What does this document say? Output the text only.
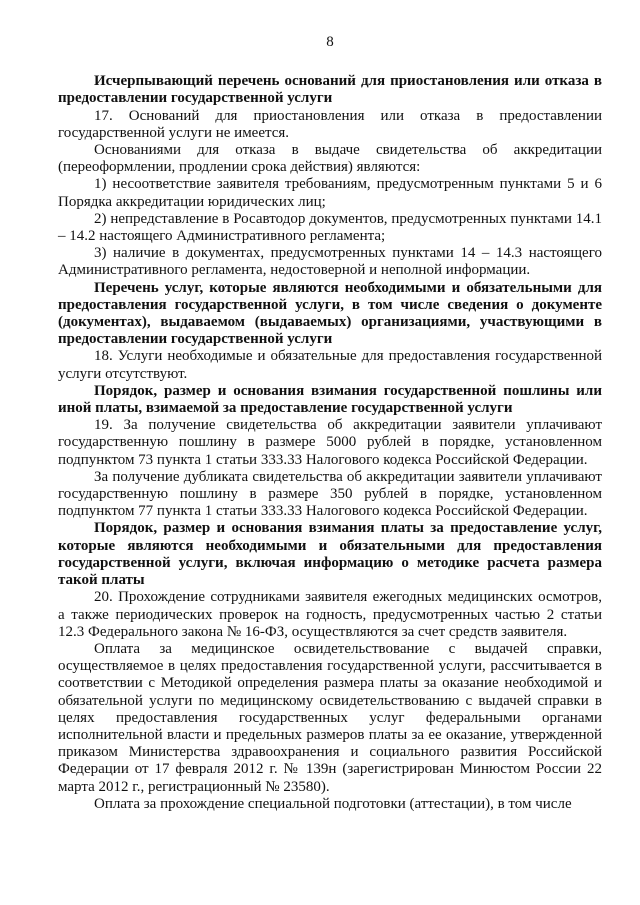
8

Исчерпывающий перечень оснований для приостановления или отказа в предоставлении государственной услуги

17. Оснований для приостановления или отказа в предоставлении государственной услуги не имеется.

Основаниями для отказа в выдаче свидетельства об аккредитации (переоформлении, продлении срока действия) являются:

1) несоответствие заявителя требованиям, предусмотренным пунктами 5 и 6 Порядка аккредитации юридических лиц;

2) непредставление в Росавтодор документов, предусмотренных пунктами 14.1 – 14.2 настоящего Административного регламента;

3) наличие в документах, предусмотренных пунктами 14 – 14.3 настоящего Административного регламента, недостоверной и неполной информации.

Перечень услуг, которые являются необходимыми и обязательными для предоставления государственной услуги, в том числе сведения о документе (документах), выдаваемом (выдаваемых) организациями, участвующими в предоставлении государственной услуги

18. Услуги необходимые и обязательные для предоставления государственной услуги отсутствуют.

Порядок, размер и основания взимания государственной пошлины или иной платы, взимаемой за предоставление государственной услуги

19. За получение свидетельства об аккредитации заявители уплачивают государственную пошлину в размере 5000 рублей в порядке, установленном подпунктом 73 пункта 1 статьи 333.33 Налогового кодекса Российской Федерации.

За получение дубликата свидетельства об аккредитации заявители уплачивают государственную пошлину в размере 350 рублей в порядке, установленном подпунктом 77 пункта 1 статьи 333.33 Налогового кодекса Российской Федерации.

Порядок, размер и основания взимания платы за предоставление услуг, которые являются необходимыми и обязательными для предоставления государственной услуги, включая информацию о методике расчета размера такой платы

20. Прохождение сотрудниками заявителя ежегодных медицинских осмотров, а также периодических проверок на годность, предусмотренных частью 2 статьи 12.3 Федерального закона № 16-ФЗ, осуществляются за счет средств заявителя.

Оплата за медицинское освидетельствование с выдачей справки, осуществляемое в целях предоставления государственной услуги, рассчитывается в соответствии с Методикой определения размера платы за оказание необходимой и обязательной услуги по медицинскому освидетельствованию с выдачей справки в целях предоставления государственных услуг федеральными органами исполнительной власти и предельных размеров платы за ее оказание, утвержденной приказом Министерства здравоохранения и социального развития Российской Федерации от 17 февраля 2012 г. № 139н (зарегистрирован Минюстом России 22 марта 2012 г., регистрационный № 23580).

Оплата за прохождение специальной подготовки (аттестации), в том числе
